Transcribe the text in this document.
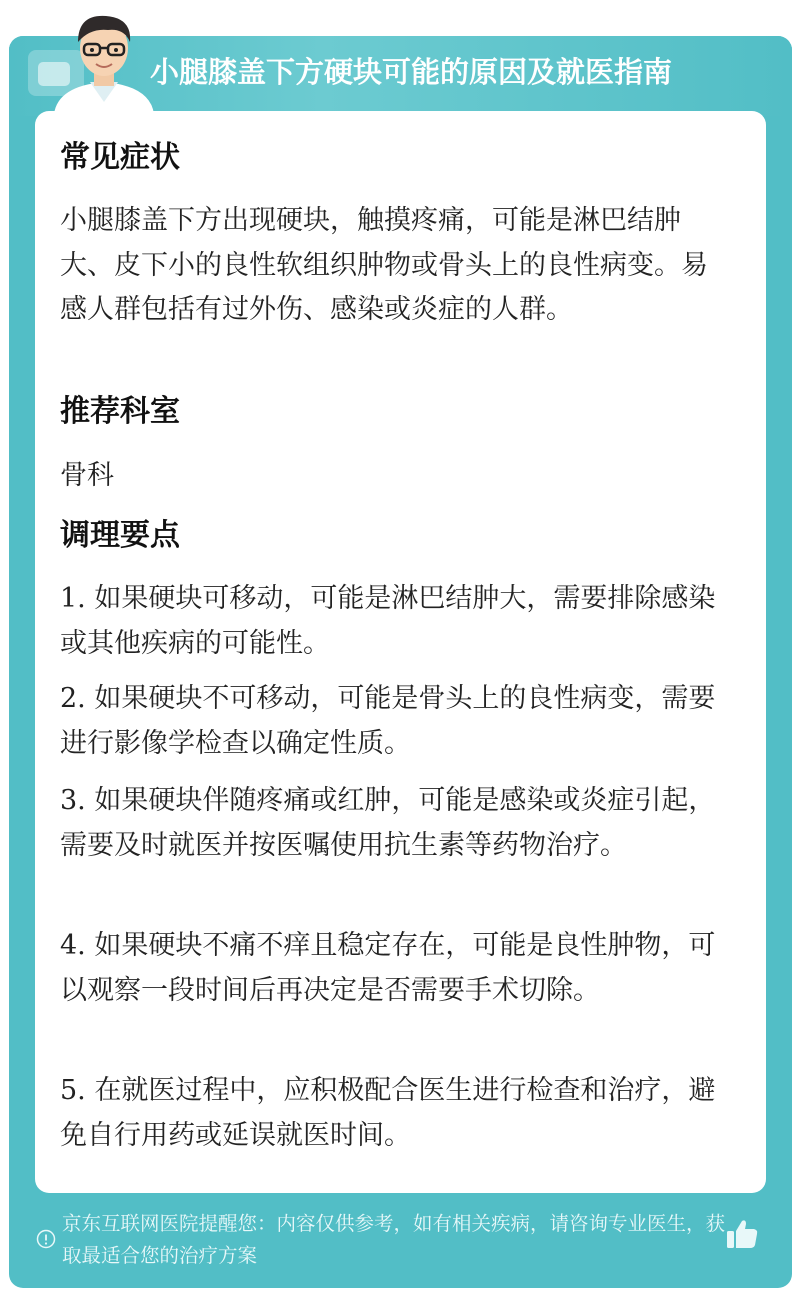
小腿膝盖下方硬块可能的原因及就医指南
常见症状
小腿膝盖下方出现硬块，触摸疼痛，可能是淋巴结肿大、皮下小的良性软组织肿物或骨头上的良性病变。易感人群包括有过外伤、感染或炎症的人群。
推荐科室
骨科
调理要点
1. 如果硬块可移动，可能是淋巴结肿大，需要排除感染或其他疾病的可能性。
2. 如果硬块不可移动，可能是骨头上的良性病变，需要进行影像学检查以确定性质。
3. 如果硬块伴随疼痛或红肿，可能是感染或炎症引起，需要及时就医并按医嘱使用抗生素等药物治疗。
4. 如果硬块不痛不痒且稳定存在，可能是良性肿物，可以观察一段时间后再决定是否需要手术切除。
5. 在就医过程中，应积极配合医生进行检查和治疗，避免自行用药或延误就医时间。
京东互联网医院提醒您：内容仅供参考，如有相关疾病，请咨询专业医生，获取最适合您的治疗方案
